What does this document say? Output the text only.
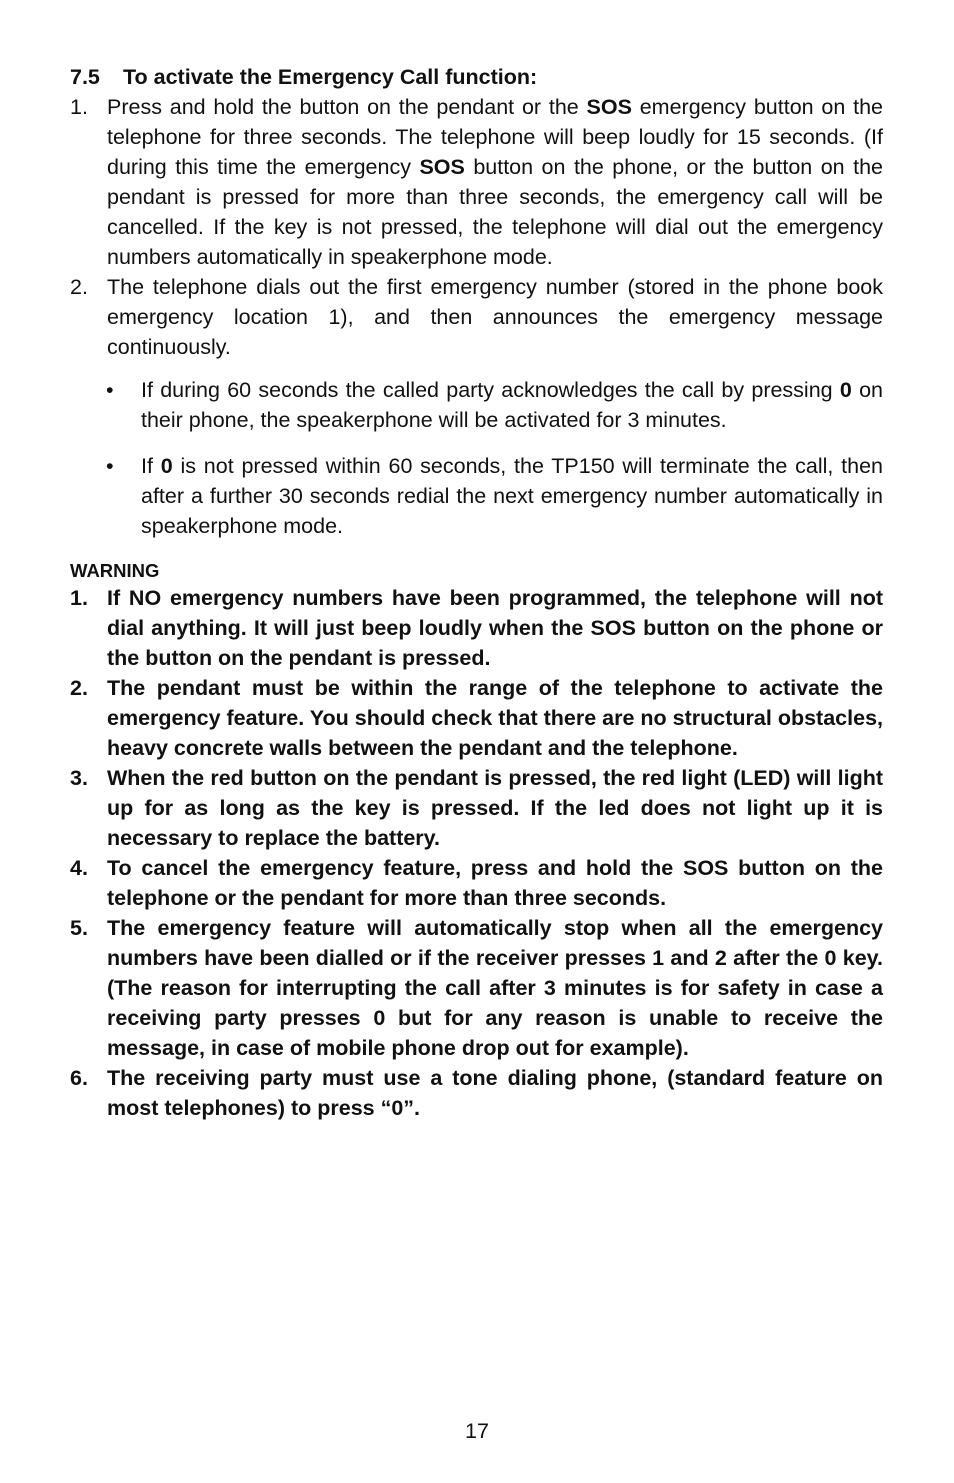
7.5 To activate the Emergency Call function:
1. Press and hold the button on the pendant or the SOS emergency button on the telephone for three seconds. The telephone will beep loudly for 15 seconds. (If during this time the emergency SOS button on the phone, or the button on the pendant is pressed for more than three seconds, the emergency call will be cancelled. If the key is not pressed, the telephone will dial out the emergency numbers automatically in speakerphone mode.
2. The telephone dials out the first emergency number (stored in the phone book emergency location 1), and then announces the emergency message continuously.
• If during 60 seconds the called party acknowledges the call by pressing 0 on their phone, the speakerphone will be activated for 3 minutes.
• If 0 is not pressed within 60 seconds, the TP150 will terminate the call, then after a further 30 seconds redial the next emergency number automatically in speakerphone mode.
WARNING
1. If NO emergency numbers have been programmed, the telephone will not dial anything. It will just beep loudly when the SOS button on the phone or the button on the pendant is pressed.
2. The pendant must be within the range of the telephone to activate the emergency feature. You should check that there are no structural obstacles, heavy concrete walls between the pendant and the telephone.
3. When the red button on the pendant is pressed, the red light (LED) will light up for as long as the key is pressed. If the led does not light up it is necessary to replace the battery.
4. To cancel the emergency feature, press and hold the SOS button on the telephone or the pendant for more than three seconds.
5. The emergency feature will automatically stop when all the emergency numbers have been dialled or if the receiver presses 1 and 2 after the 0 key. (The reason for interrupting the call after 3 minutes is for safety in case a receiving party presses 0 but for any reason is unable to receive the message, in case of mobile phone drop out for example).
6. The receiving party must use a tone dialing phone, (standard feature on most telephones) to press “0”.
17
